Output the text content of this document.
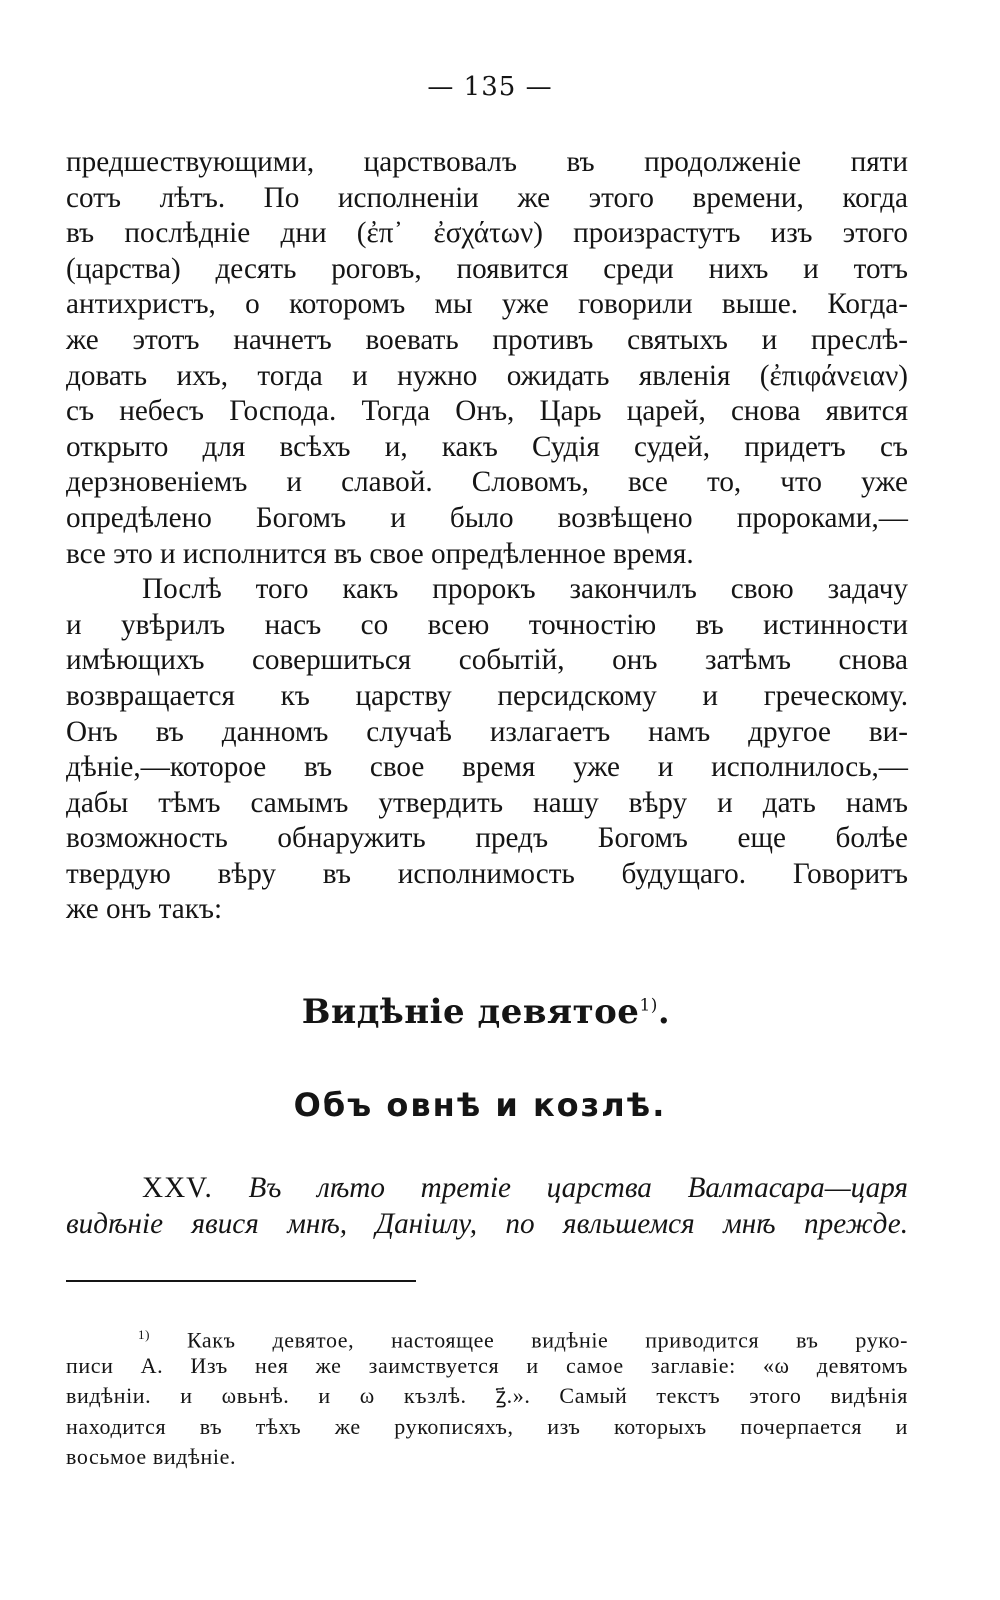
— 135 —
предшествующими, царствовалъ въ продолженіе пяти
сотъ лѣтъ. По исполненіи же этого времени, когда
въ послѣдніе дни (ἐπ᾽ ἐσχάτων) произрастутъ изъ этого
(царства) десять роговъ, появится среди нихъ и тотъ
антихристъ, о которомъ мы уже говорили выше. Когда-
же этотъ начнетъ воевать противъ святыхъ и преслѣ-
довать ихъ, тогда и нужно ожидать явленія (ἐπιφάνειαν)
съ небесъ Господа. Тогда Онъ, Царь царей, снова явится
открыто для всѣхъ и, какъ Судія судей, придетъ съ
дерзновеніемъ и славой. Словомъ, все то, что уже
опредѣлено Богомъ и было возвѣщено пророками,—
все это и исполнится въ свое опредѣленное время.
Послѣ того какъ пророкъ закончилъ свою задачу
и увѣрилъ насъ со всею точностію въ истинности
имѣющихъ совершиться событій, онъ затѣмъ снова
возвращается къ царству персидскому и греческому.
Онъ въ данномъ случаѣ излагаетъ намъ другое ви-
дѣніе,—которое въ свое время уже и исполнилось,—
дабы тѣмъ самымъ утвердить нашу вѣру и дать намъ
возможность обнаружить предъ Богомъ еще болѣе
твердую вѣру въ исполнимость будущаго. Говоритъ
же онъ такъ:
Видѣніе девятое$^{1)}$.
Объ овнѣ и козлѣ.
XXV. Въ лѣто третіе царства Валтасара—царя
видѣніе явися мнѣ, Даніилу, по явльшемся мнѣ прежде.
$^{1)}$ Какъ девятое, настоящее видѣніе приводится въ руко-
писи А. Изъ нея же заимствуется и самое заглавіе: «ω девятомъ
видѣніи. и ωвьнѣ. и ω къзлѣ. ꙁ҃.». Самый текстъ этого видѣнія
находится въ тѣхъ же рукописяхъ, изъ которыхъ почерпается и
восьмое видѣніе.
